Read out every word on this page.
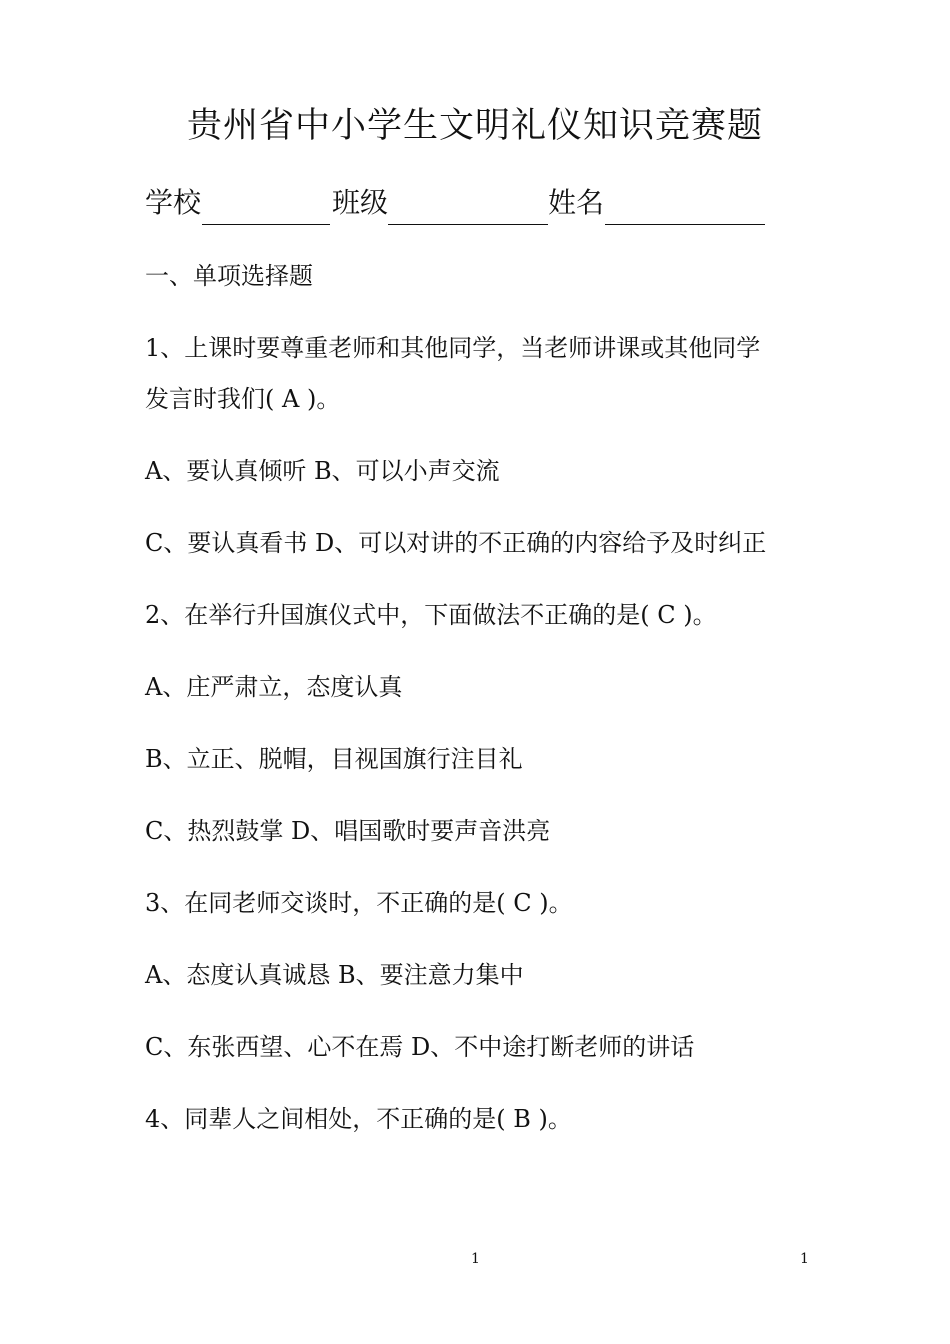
贵州省中小学生文明礼仪知识竞赛题
学校	班级	姓名
一、单项选择题
1、上课时要尊重老师和其他同学，当老师讲课或其他同学
发言时我们( A )。
A、要认真倾听 B、可以小声交流
C、要认真看书 D、可以对讲的不正确的内容给予及时纠正
2、在举行升国旗仪式中，下面做法不正确的是( C )。
A、庄严肃立，态度认真
B、立正、脱帽，目视国旗行注目礼
C、热烈鼓掌 D、唱国歌时要声音洪亮
3、在同老师交谈时，不正确的是( C )。
A、态度认真诚恳 B、要注意力集中
C、东张西望、心不在焉 D、不中途打断老师的讲话
4、同辈人之间相处，不正确的是( B )。
1	1
